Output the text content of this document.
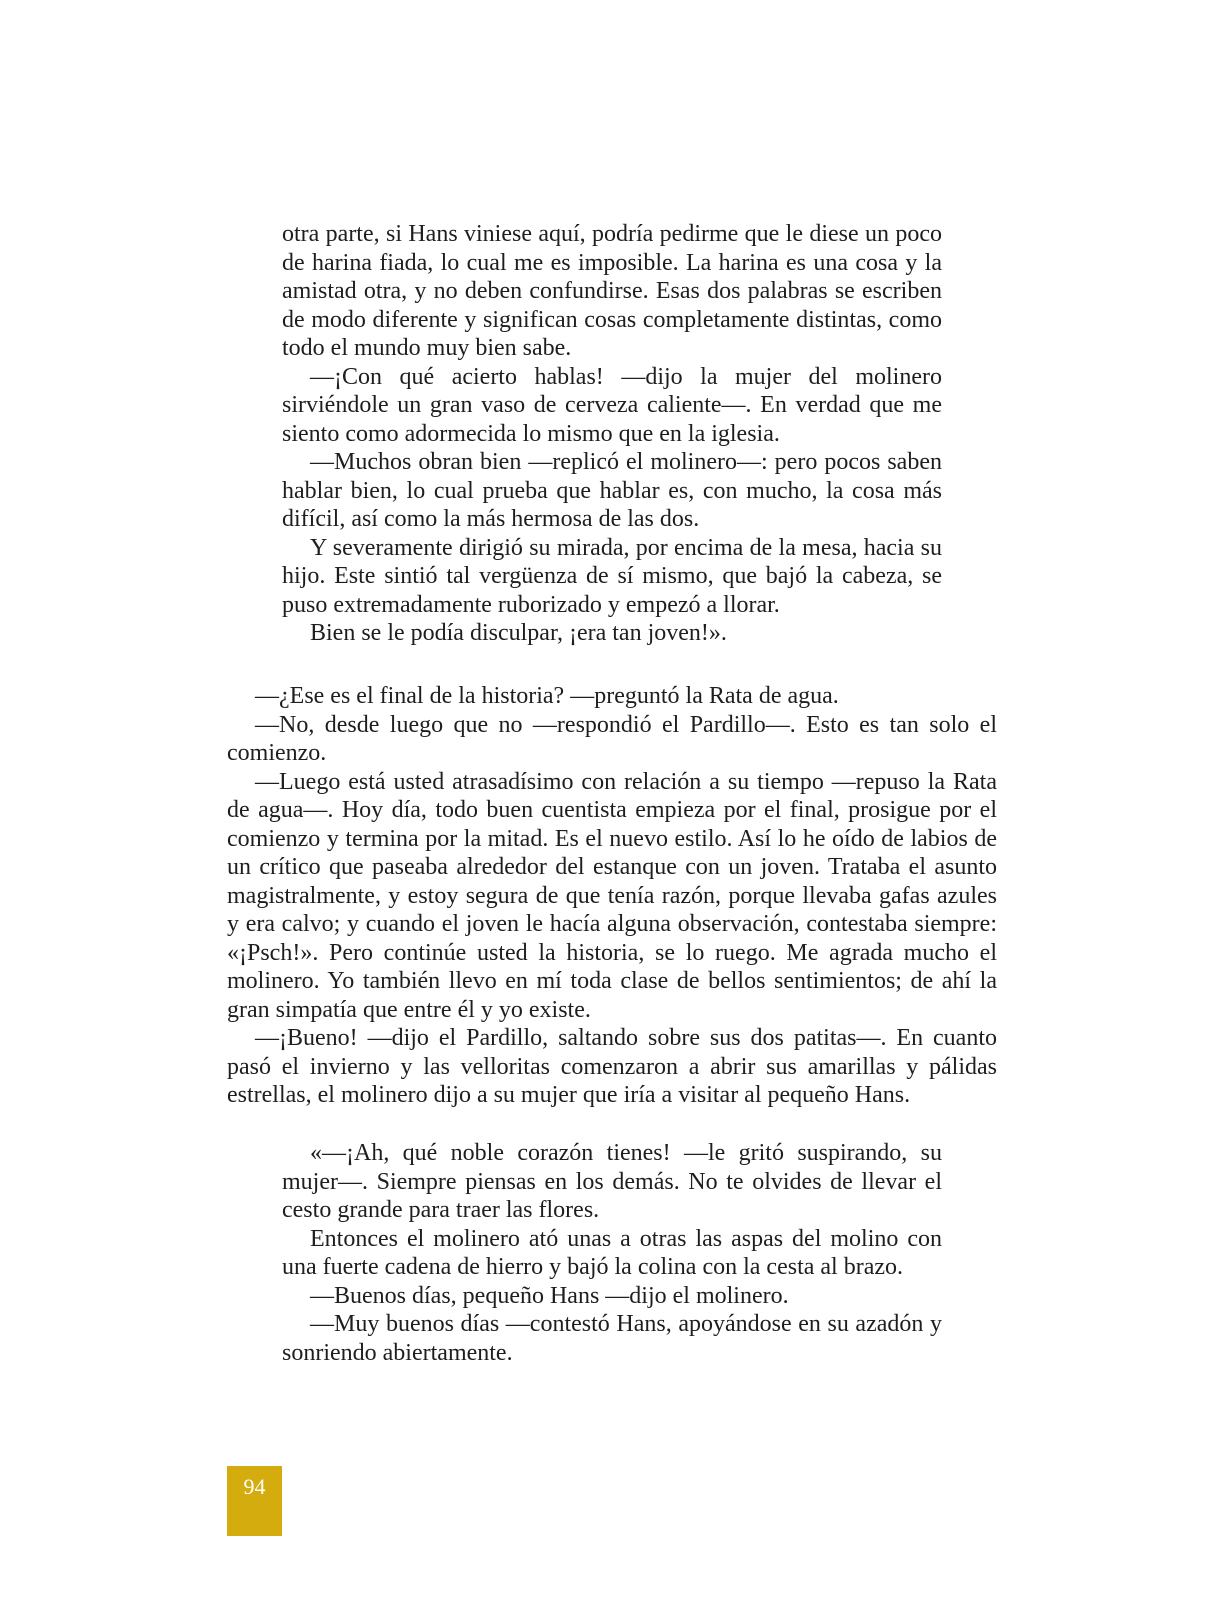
otra parte, si Hans viniese aquí, podría pedirme que le diese un poco de harina fiada, lo cual me es imposible. La harina es una cosa y la amistad otra, y no deben confundirse. Esas dos palabras se escriben de modo diferente y significan cosas completamente distintas, como todo el mundo muy bien sabe.

—¡Con qué acierto hablas! —dijo la mujer del molinero sirviéndole un gran vaso de cerveza caliente—. En verdad que me siento como adormecida lo mismo que en la iglesia.

—Muchos obran bien —replicó el molinero—: pero pocos saben hablar bien, lo cual prueba que hablar es, con mucho, la cosa más difícil, así como la más hermosa de las dos.

Y severamente dirigió su mirada, por encima de la mesa, hacia su hijo. Este sintió tal vergüenza de sí mismo, que bajó la cabeza, se puso extremadamente ruborizado y empezó a llorar.

Bien se le podía disculpar, ¡era tan joven!».

—¿Ese es el final de la historia? —preguntó la Rata de agua.

—No, desde luego que no —respondió el Pardillo—. Esto es tan solo el comienzo.

—Luego está usted atrasadísimo con relación a su tiempo —repuso la Rata de agua—. Hoy día, todo buen cuentista empieza por el final, prosigue por el comienzo y termina por la mitad. Es el nuevo estilo. Así lo he oído de labios de un crítico que paseaba alrededor del estanque con un joven. Trataba el asunto magistralmente, y estoy segura de que tenía razón, porque llevaba gafas azules y era calvo; y cuando el joven le hacía alguna observación, contestaba siempre: «¡Psch!». Pero continúe usted la historia, se lo ruego. Me agrada mucho el molinero. Yo también llevo en mí toda clase de bellos sentimientos; de ahí la gran simpatía que entre él y yo existe.

—¡Bueno! —dijo el Pardillo, saltando sobre sus dos patitas—. En cuanto pasó el invierno y las velloritas comenzaron a abrir sus amarillas y pálidas estrellas, el molinero dijo a su mujer que iría a visitar al pequeño Hans.

«—¡Ah, qué noble corazón tienes! —le gritó suspirando, su mujer—. Siempre piensas en los demás. No te olvides de llevar el cesto grande para traer las flores.

Entonces el molinero ató unas a otras las aspas del molino con una fuerte cadena de hierro y bajó la colina con la cesta al brazo.

—Buenos días, pequeño Hans —dijo el molinero.

—Muy buenos días —contestó Hans, apoyándose en su azadón y sonriendo abiertamente.

94
